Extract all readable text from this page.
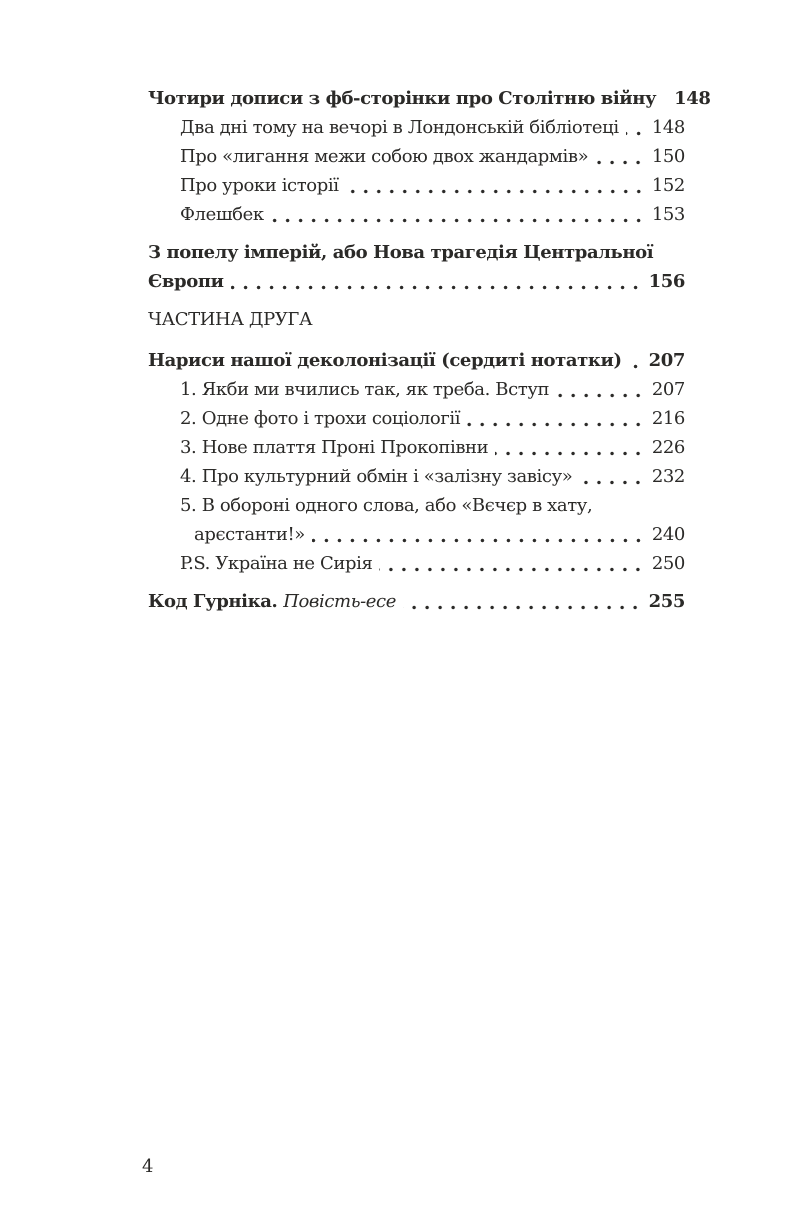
Чотири дописи з фб-сторінки про Столітню війну 148
Два дні тому на вечорі в Лондонській бібліотеці 148
Про «лигання межи собою двох жандармів»	150
Про уроки історії	152
Флешбек	153
З попелу імперій, або Нова трагедія Центральної
Європи	156
ЧАСТИНА ДРУГА
Нариси нашої деколонізації (сердиті нотатки) 207
1. Якби ми вчились так, як треба. Вступ	207
2. Одне фото і трохи соціології	216
3. Нове плаття Проні Прокопівни	226
4. Про культурний обмін і «залізну завісу»	232
5. В обороні одного слова, або «Вєчєр в хату,
арєстанти!»	240
P.S. Україна не Сирія	250
Код Гурніка. Повість-есе	255
4
